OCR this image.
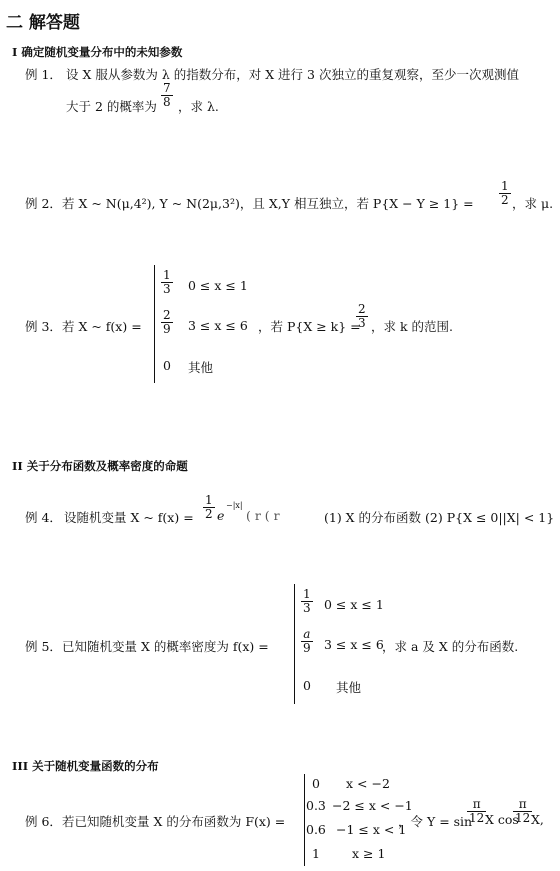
二 解答题
I 确定随机变量分布中的未知参数
例 1． 设 X 服从参数为 λ 的指数分布，对 X 进行 3 次独立的重复观察，至少一次观测值
大于 2 的概率为 $\frac{7}{8}$ ，求 λ.
例 2． 若 X ~ N(μ,4²), Y ~ N(2μ,3²)，且 X,Y 相互独立，若 $P\{X - Y \ge 1\} = \frac{1}{2}$ ，求 μ.
例 3． 若 X ~ f(x) =
$\frac{1}{3} 0 \le x \le 1$
$\frac{2}{9} 3 \le x \le 6$
0 其他
，若 P{X ≥ k} =
$\frac{2}{3}$ ，求 k 的范围.
II 关于分布函数及概率密度的命题
例 4． 设随机变量 X ~ $f(x) = \frac{1}{2}$ e
−|x|
( r ( r	(1) X 的分布函数 (2) P{X ≤ 0||X| < 1}
例 5． 已知随机变量 X 的概率密度为 f(x) =
$\frac{1}{3} 0 \le x \le 1$
$\frac{a}{9} 3 \le x \le 6$
0 其他
，求 a 及 X 的分布函数.
III 关于随机变量函数的分布
例 6． 若已知随机变量 X 的分布函数为 F(x) =
0 x < −2
0.3 −2 ≤ x < −1
0.6 −1 ≤ x < 1
1	x ≥ 1
，令 Y = sin
$\frac{\pi}{12}$
X cos
$\frac{\pi}{12}$
X,
